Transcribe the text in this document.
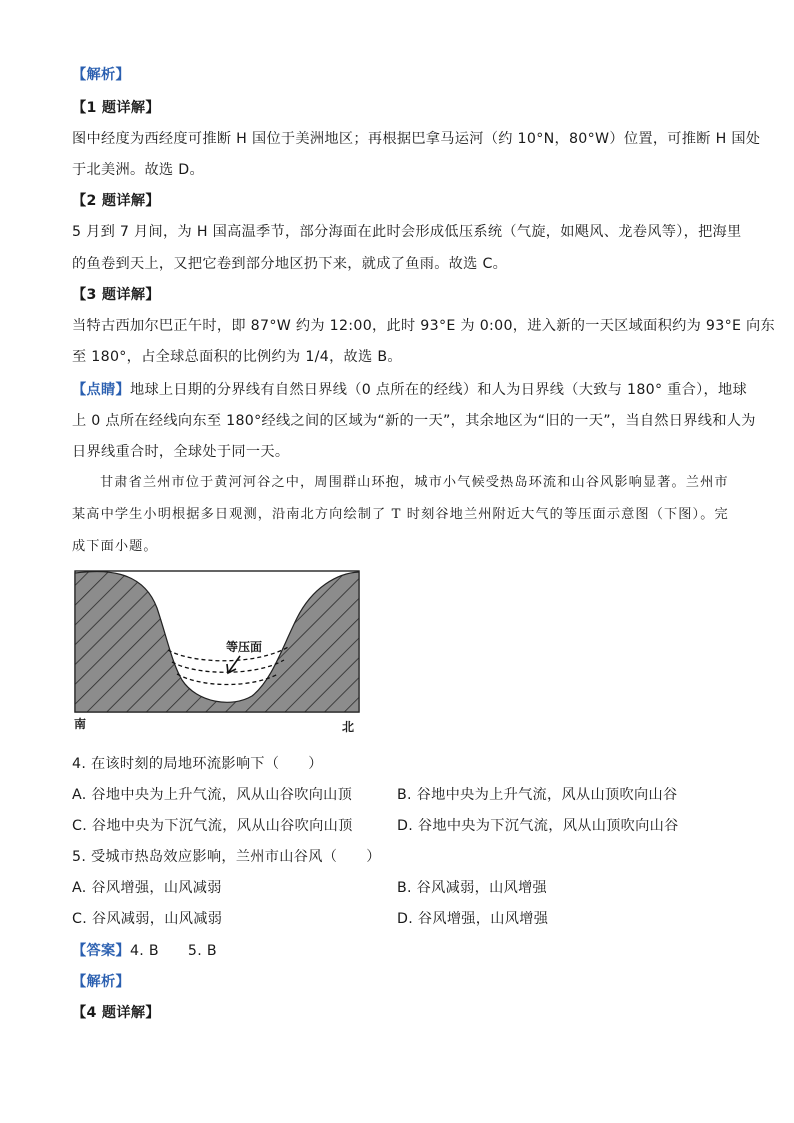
【解析】
【1 题详解】
图中经度为西经度可推断 H 国位于美洲地区；再根据巴拿马运河（约 10°N，80°W）位置，可推断 H 国处
于北美洲。故选 D。
【2 题详解】
5 月到 7 月间，为 H 国高温季节，部分海面在此时会形成低压系统（气旋，如飓风、龙卷风等），把海里
的鱼卷到天上，又把它卷到部分地区扔下来，就成了鱼雨。故选 C。
【3 题详解】
当特古西加尔巴正午时，即 87°W 约为 12:00，此时 93°E 为 0:00，进入新的一天区域面积约为 93°E 向东
至 180°，占全球总面积的比例约为 1/4，故选 B。
【点睛】地球上日期的分界线有自然日界线（0 点所在的经线）和人为日界线（大致与 180° 重合），地球
上 0 点所在经线向东至 180°经线之间的区域为“新的一天”，其余地区为“旧的一天”，当自然日界线和人为
日界线重合时，全球处于同一天。
甘肃省兰州市位于黄河河谷之中，周围群山环抱，城市小气候受热岛环流和山谷风影响显著。兰州市
某高中学生小明根据多日观测，沿南北方向绘制了 T 时刻谷地兰州附近大气的等压面示意图（下图）。完
成下面小题。
等压面
南	北
4. 在该时刻的局地环流影响下（　　）
A. 谷地中央为上升气流，风从山谷吹向山顶	B. 谷地中央为上升气流，风从山顶吹向山谷
C. 谷地中央为下沉气流，风从山谷吹向山顶	D. 谷地中央为下沉气流，风从山顶吹向山谷
5. 受城市热岛效应影响，兰州市山谷风（　　）
A. 谷风增强，山风减弱	B. 谷风减弱，山风增强
C. 谷风减弱，山风减弱	D. 谷风增强，山风增强
【答案】4. B　　5. B
【解析】
【4 题详解】
